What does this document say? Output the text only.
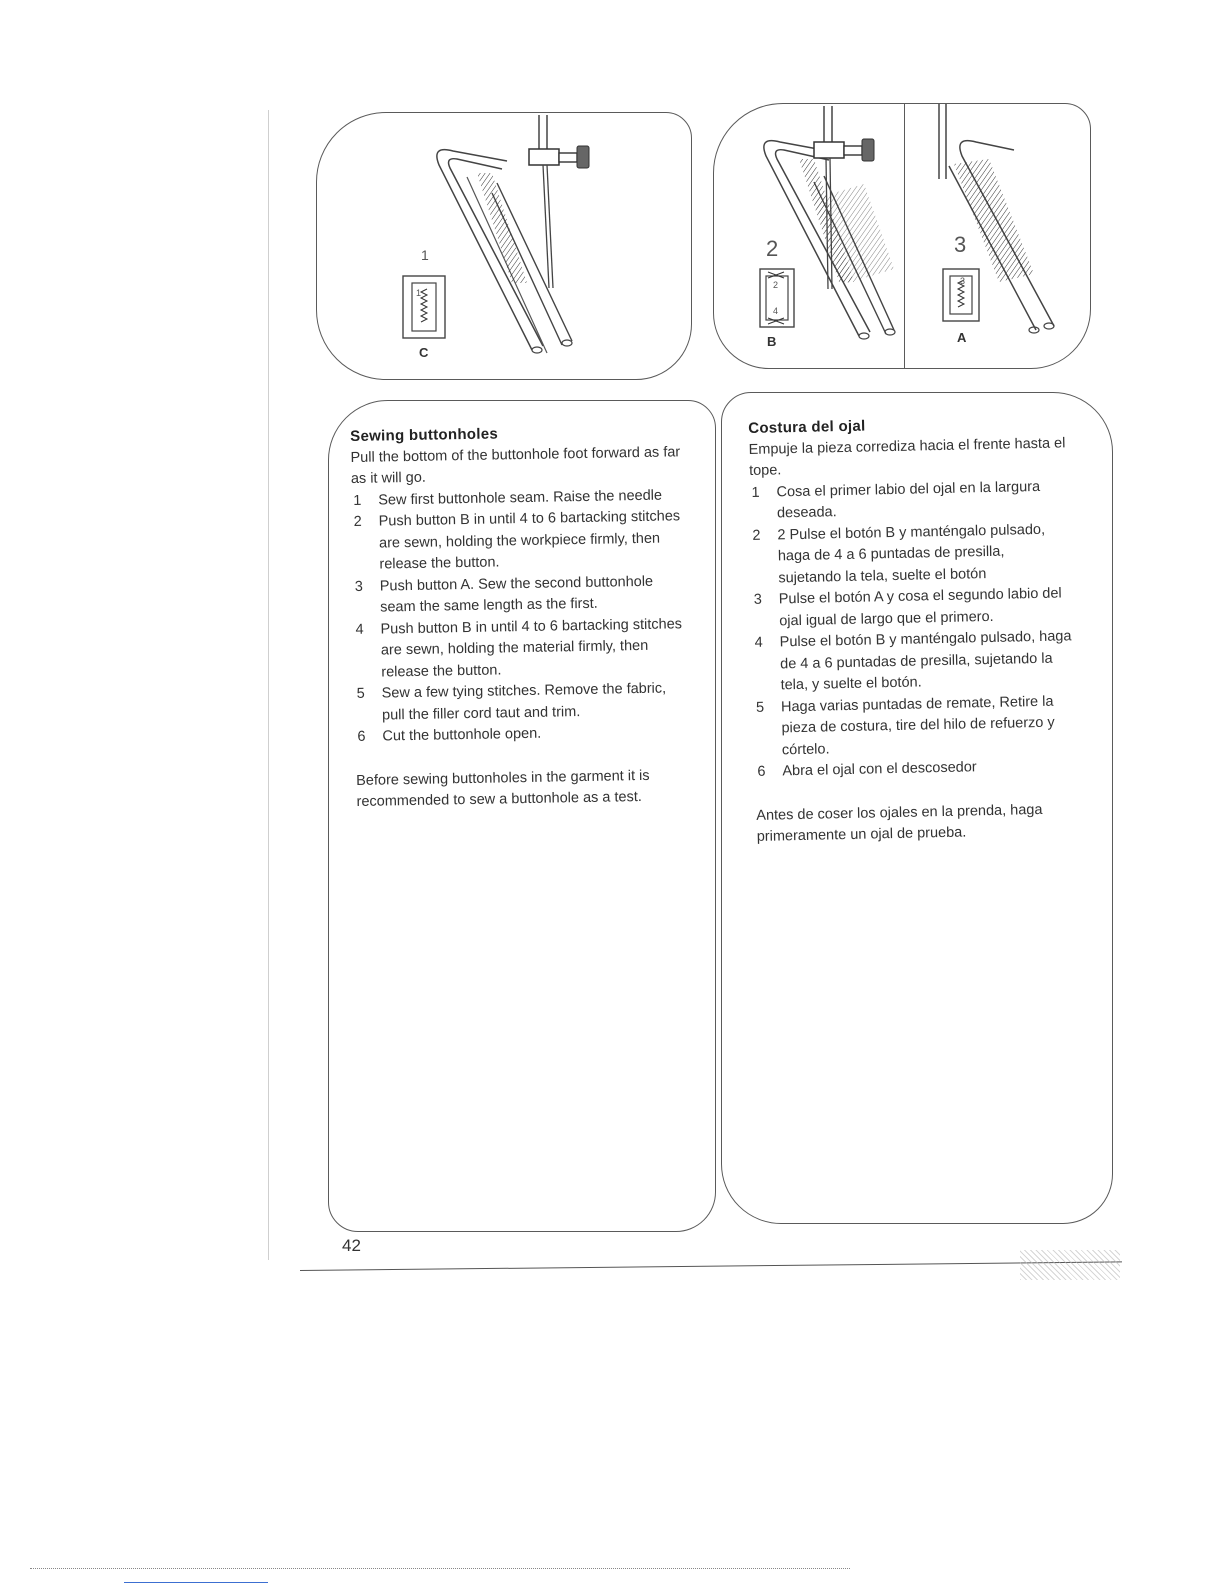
1
1
C
2
2
4
B
3
3
A
Sewing buttonholes

Pull the bottom of the buttonhole foot forward as far as it will go.

1 Sew first buttonhole seam. Raise the needle
2 Push button B in until 4 to 6 bartacking stitches are sewn, holding the workpiece firmly, then release the button.
3 Push button A. Sew the second buttonhole seam the same length as the first.
4 Push button B in until 4 to 6 bartacking stitches are sewn, holding the material firmly, then release the button.
5 Sew a few tying stitches. Remove the fabric, pull the filler cord taut and trim.
6 Cut the buttonhole open.

Before sewing buttonholes in the garment it is recommended to sew a buttonhole as a test.

Costura del ojal

Empuje la pieza corrediza hacia el frente hasta el tope.

1 Cosa el primer labio del ojal en la largura deseada.
2 2 Pulse el botón B y manténgalo pulsado, haga de 4 a 6 puntadas de presilla, sujetando la tela, suelte el botón
3 Pulse el botón A y cosa el segundo labio del ojal igual de largo que el primero.
4 Pulse el botón B y manténgalo pulsado, haga de 4 a 6 puntadas de presilla, sujetando la tela, y suelte el botón.
5 Haga varias puntadas de remate, Retire la pieza de costura, tire del hilo de refuerzo y córtelo.
6 Abra el ojal con el descosedor

Antes de coser los ojales en la prenda, haga primeramente un ojal de prueba.

42
